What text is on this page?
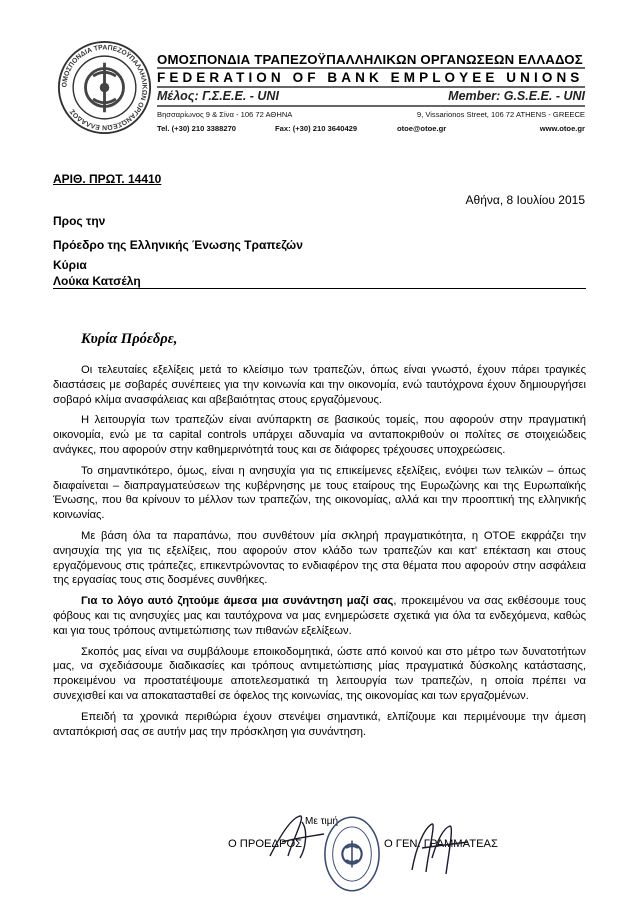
ΟΜΟΣΠΟΝΔΙΑ ΤΡΑΠΕΖΟΫΠΑΛΛΗΛΙΚΩΝ ΟΡΓΑΝΩΣΕΩΝ ΕΛΛΑΔΟΣ
ΟΜΟΣΠΟΝΔΙΑ ΤΡΑΠΕΖΟΫΠΑΛΛΗΛΙΚΩΝ ΟΡΓΑΝΩΣΕΩΝ ΕΛΛΑΔΟΣ
FEDERATION OF BANK EMPLOYEE UNIONS
Μέλος: Γ.Σ.Ε.Ε. - UNI	Member: G.S.E.E. - UNI
Βησσαρίωνος 9 & Σίνα - 106 72 ΑΘΗΝΑ	9, Vissarionos Street, 106 72 ATHENS - GREECE
Tel. (+30) 210 3388270	Fax: (+30) 210 3640429	otoe@otoe.gr	www.otoe.gr
ΑΡΙΘ. ΠΡΩΤ. 14410
Αθήνα, 8 Ιουλίου 2015
Προς την
Πρόεδρο της Ελληνικής Ένωσης Τραπεζών
Κύρια
Λούκα Κατσέλη
Κυρία Πρόεδρε,

Οι τελευταίες εξελίξεις μετά το κλείσιμο των τραπεζών, όπως είναι γνωστό, έχουν πάρει τραγικές διαστάσεις με σοβαρές συνέπειες για την κοινωνία και την οικονομία, ενώ ταυτόχρονα έχουν δημιουργήσει σοβαρό κλίμα ανασφάλειας και αβεβαιότητας στους εργαζόμενους.

Η λειτουργία των τραπεζών είναι ανύπαρκτη σε βασικούς τομείς, που αφορούν στην πραγματική οικονομία, ενώ με τα capital controls υπάρχει αδυναμία να ανταποκριθούν οι πολίτες σε στοιχειώδεις ανάγκες, που αφορούν στην καθημερινότητά τους και σε διάφορες τρέχουσες υποχρεώσεις.

Το σημαντικότερο, όμως, είναι η ανησυχία για τις επικείμενες εξελίξεις, ενόψει των τελικών – όπως διαφαίνεται – διαπραγματεύσεων της κυβέρνησης με τους εταίρους της Ευρωζώνης και της Ευρωπαϊκής Ένωσης, που θα κρίνουν το μέλλον των τραπεζών, της οικονομίας, αλλά και την προοπτική της ελληνικής κοινωνίας.

Με βάση όλα τα παραπάνω, που συνθέτουν μία σκληρή πραγματικότητα, η ΟΤΟΕ εκφράζει την ανησυχία της για τις εξελίξεις, που αφορούν στον κλάδο των τραπεζών και κατ' επέκταση και στους εργαζόμενους στις τράπεζες, επικεντρώνοντας το ενδιαφέρον της στα θέματα που αφορούν στην ασφάλεια της εργασίας τους στις δοσμένες συνθήκες.

Για το λόγο αυτό ζητούμε άμεσα μια συνάντηση μαζί σας, προκειμένου να σας εκθέσουμε τους φόβους και τις ανησυχίες μας και ταυτόχρονα να μας ενημερώσετε σχετικά για όλα τα ενδεχόμενα, καθώς και για τους τρόπους αντιμετώπισης των πιθανών εξελίξεων.

Σκοπός μας είναι να συμβάλουμε εποικοδομητικά, ώστε από κοινού και στο μέτρο των δυνατοτήτων μας, να σχεδιάσουμε διαδικασίες και τρόπους αντιμετώπισης μίας πραγματικά δύσκολης κατάστασης, προκειμένου να προστατέψουμε αποτελεσματικά τη λειτουργία των τραπεζών, η οποία πρέπει να συνεχισθεί και να αποκατασταθεί σε όφελος της κοινωνίας, της οικονομίας και των εργαζομένων.

Επειδή τα χρονικά περιθώρια έχουν στενέψει σημαντικά, ελπίζουμε και περιμένουμε την άμεση ανταπόκρισή σας σε αυτήν μας την πρόσκληση για συνάντηση.

Με τιμή
Ο ΠΡΟΕΔΡΟΣ	Ο ΓΕΝ. ΓΡΑΜΜΑΤΕΑΣ
